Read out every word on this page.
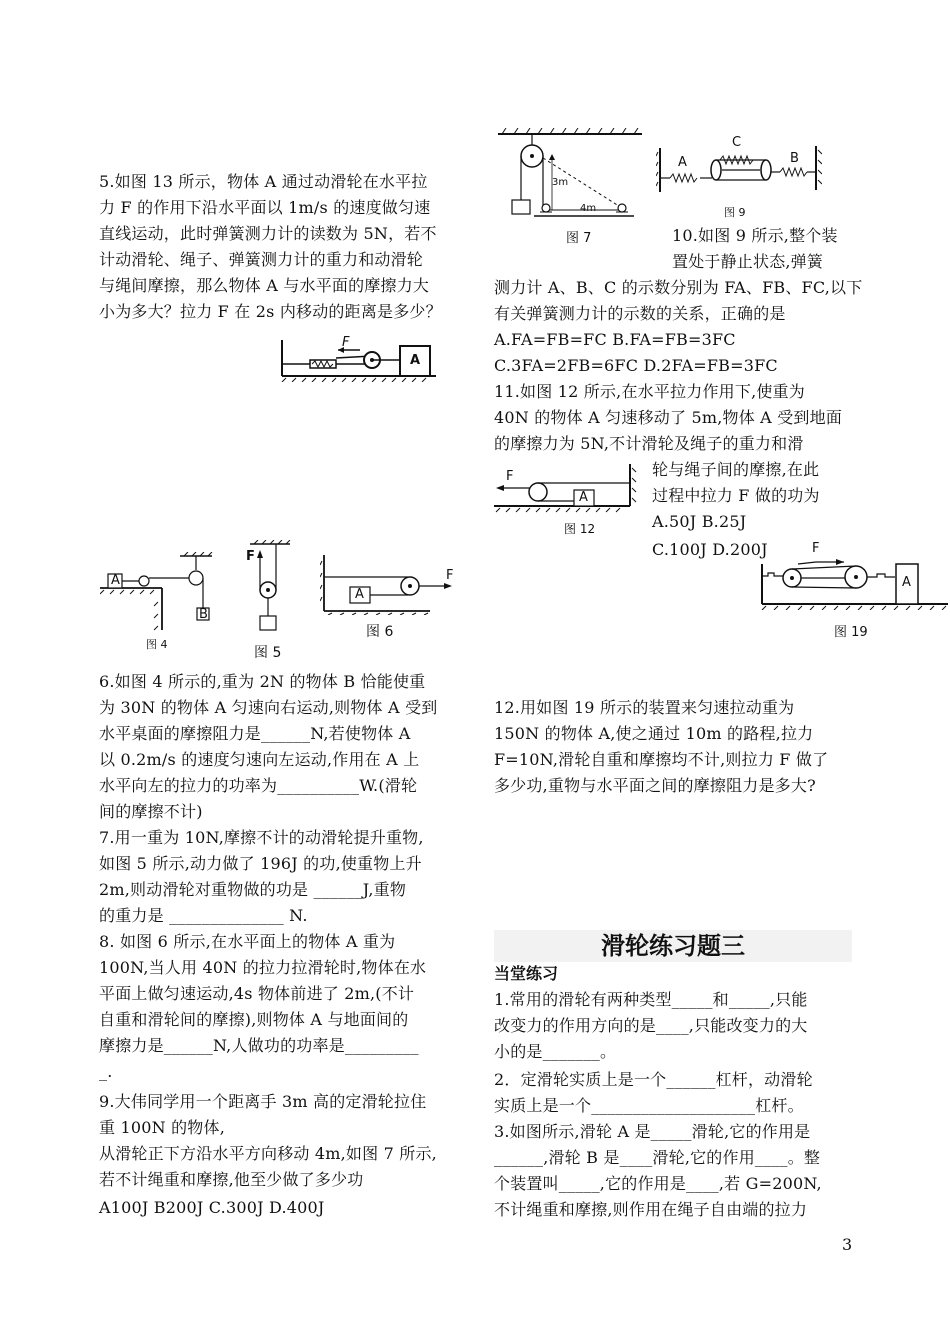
5.如图 13 所示，物体 A 通过动滑轮在水平拉
力 F 的作用下沿水平面以 1m/s 的速度做匀速
直线运动，此时弹簧测力计的读数为 5N，若不
计动滑轮、绳子、弹簧测力计的重力和动滑轮
与绳间摩擦，那么物体 A 与水平面的摩擦力大
小为多大？拉力 F 在 2s 内移动的距离是多少？
F
A
A
B
图 4
F
图 5
A
F
图 6
6.如图 4 所示的,重为 2N 的物体 B 恰能使重
为 30N 的物体 A 匀速向右运动,则物体 A 受到
水平桌面的摩擦阻力是______N,若使物体 A
以 0.2m/s 的速度匀速向左运动,作用在 A 上
水平向左的拉力的功率为__________W.(滑轮
间的摩擦不计)
7.用一重为 10N,摩擦不计的动滑轮提升重物,
如图 5 所示,动力做了 196J 的功,使重物上升
2m,则动滑轮对重物做的功是 ______J,重物
的重力是 ______________ N.
8. 如图 6 所示,在水平面上的物体 A 重为
100N,当人用 40N 的拉力拉滑轮时,物体在水
平面上做匀速运动,4s 物体前进了 2m,(不计
自重和滑轮间的摩擦),则物体 A 与地面间的
摩擦力是______N,人做功的功率是_________
_.
9.大伟同学用一个距离手 3m 高的定滑轮拉住
重 100N 的物体,
从滑轮正下方沿水平方向移动 4m,如图 7 所示,
若不计绳重和摩擦,他至少做了多少功
A100J B200J C.300J D.400J
3m
4m
图 7
A
C
B
图 9
10.如图 9 所示,整个装
置处于静止状态,弹簧
测力计 A、B、C 的示数分别为 FA、FB、FC,以下
有关弹簧测力计的示数的关系，正确的是
A.FA=FB=FC B.FA=FB=3FC
C.3FA=2FB=6FC D.2FA=FB=3FC
11.如图 12 所示,在水平拉力作用下,使重为
40N 的物体 A 匀速移动了 5m,物体 A 受到地面
的摩擦力为 5N,不计滑轮及绳子的重力和滑
轮与绳子间的摩擦,在此
过程中拉力 F 做的功为
A.50J B.25J
C.100J D.200J
F
A
图 12
F
A
图 19
12.用如图 19 所示的装置来匀速拉动重为
150N 的物体 A,使之通过 10m 的路程,拉力
F=10N,滑轮自重和摩擦均不计,则拉力 F 做了
多少功,重物与水平面之间的摩擦阻力是多大?
滑轮练习题三
当堂练习
1.常用的滑轮有两种类型_____和_____,只能
改变力的作用方向的是____,只能改变力的大
小的是_______。
2．定滑轮实质上是一个______杠杆，动滑轮
实质上是一个____________________杠杆。
3.如图所示,滑轮 A 是_____滑轮,它的作用是
______,滑轮 B 是____滑轮,它的作用____。整
个装置叫_____,它的作用是____,若 G=200N,
不计绳重和摩擦,则作用在绳子自由端的拉力
3
